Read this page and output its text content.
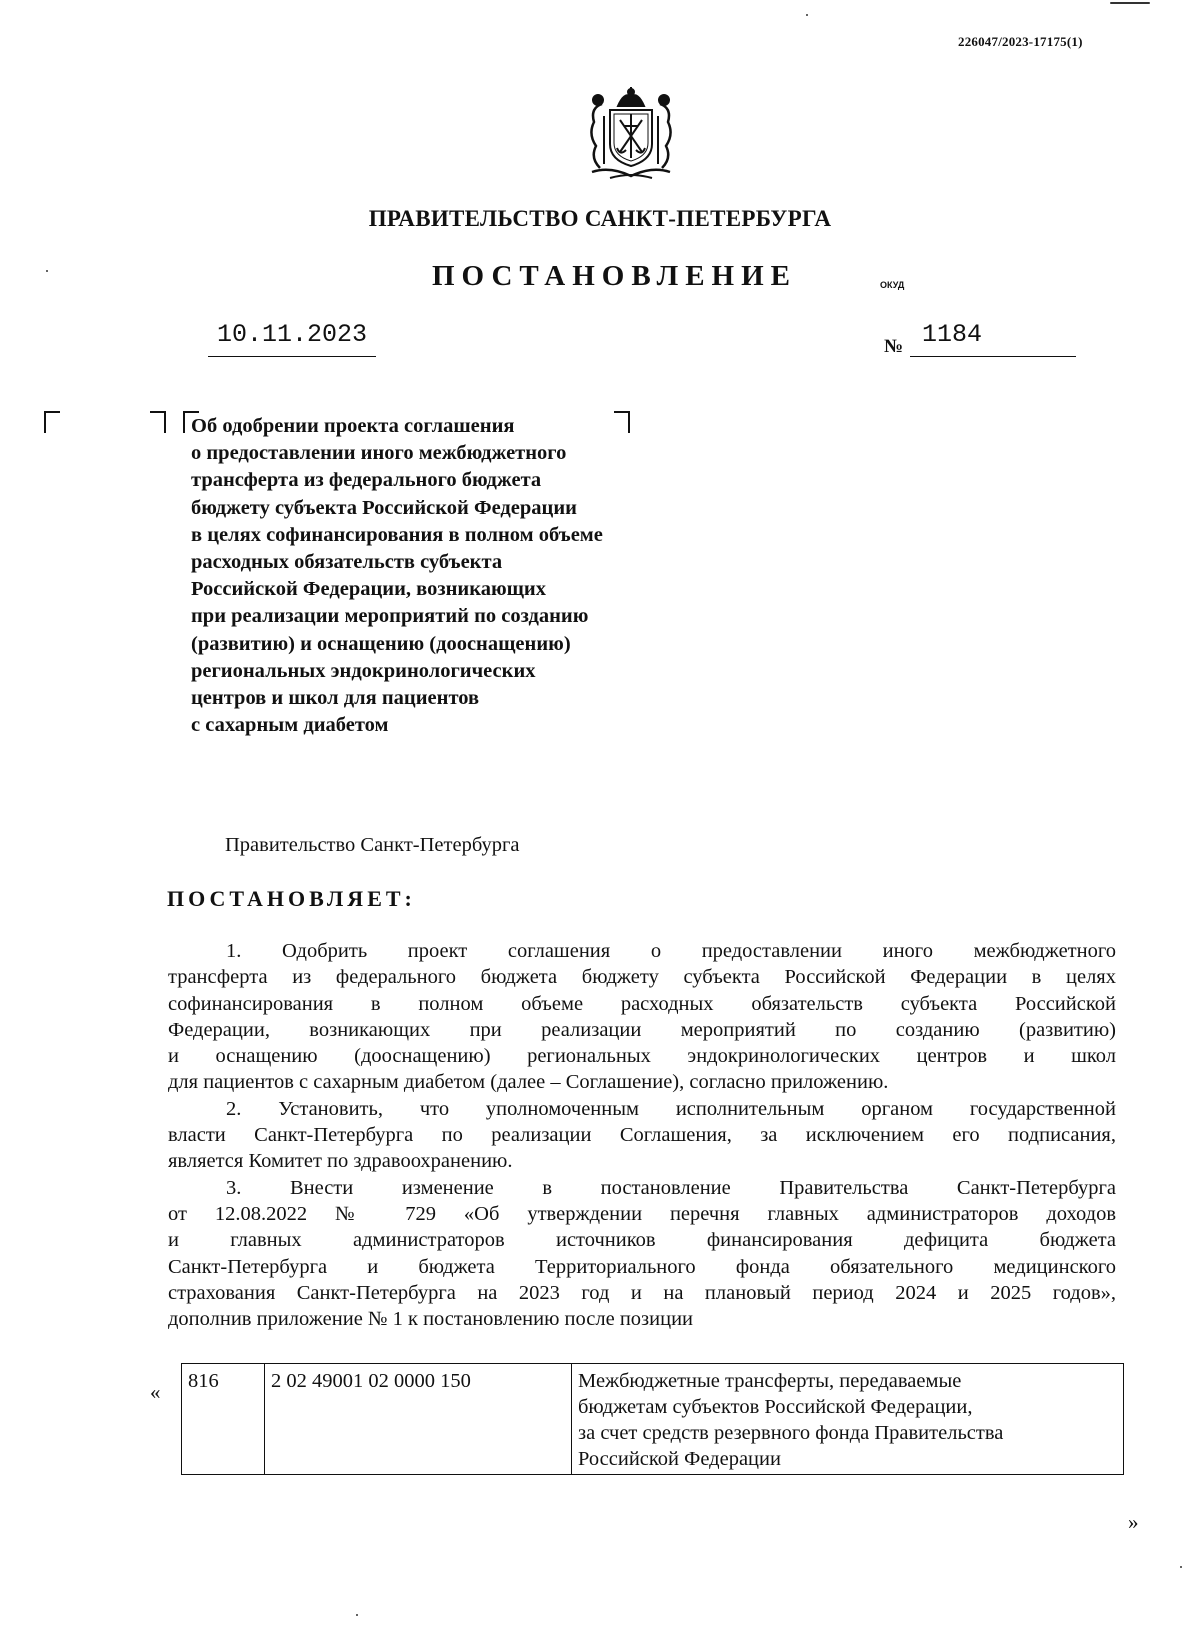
226047/2023-17175(1)
ПРАВИТЕЛЬСТВО САНКТ-ПЕТЕРБУРГА
ПОСТАНОВЛЕНИЕ	ОКУД
10.11.2023	№ 1184
Об одобрении проекта соглашения
о предоставлении иного межбюджетного
трансферта из федерального бюджета
бюджету субъекта Российской Федерации
в целях софинансирования в полном объеме
расходных обязательств субъекта
Российской Федерации, возникающих
при реализации мероприятий по созданию
(развитию) и оснащению (дооснащению)
региональных эндокринологических
центров и школ для пациентов
с сахарным диабетом
Правительство Санкт-Петербурга
ПОСТАНОВЛЯЕТ:
1. Одобрить проект соглашения о предоставлении иного межбюджетного
трансферта из федерального бюджета бюджету субъекта Российской Федерации в целях
софинансирования в полном объеме расходных обязательств субъекта Российской
Федерации, возникающих при реализации мероприятий по созданию (развитию)
и оснащению (дооснащению) региональных эндокринологических центров и школ
для пациентов с сахарным диабетом (далее – Соглашение), согласно приложению.
2. Установить, что уполномоченным исполнительным органом государственной
власти Санкт-Петербурга по реализации Соглашения, за исключением его подписания,
является Комитет по здравоохранению.
3. Внести изменение в постановление Правительства Санкт-Петербурга
от 12.08.2022 № 729 «Об утверждении перечня главных администраторов доходов
и главных администраторов источников финансирования дефицита бюджета
Санкт-Петербурга и бюджета Территориального фонда обязательного медицинского
страхования Санкт-Петербурга на 2023 год и на плановый период 2024 и 2025 годов»,
дополнив приложение № 1 к постановлению после позиции
« 816	2 02 49001 02 0000 150	Межбюджетные трансферты, передаваемые
бюджетам субъектов Российской Федерации,
за счет средств резервного фонда Правительства
Российской Федерации
»
